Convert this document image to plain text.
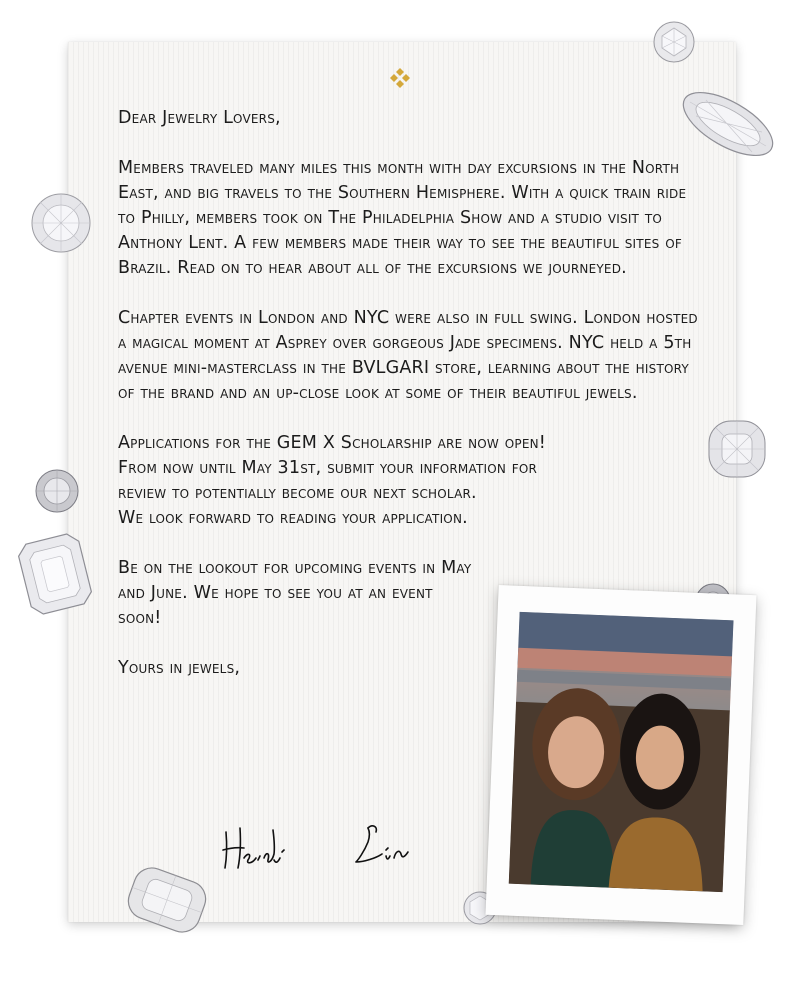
Dear Jewelry Lovers,

Members traveled many miles this month with day excursions in the North East, and big travels to the Southern Hemisphere. With a quick train ride to Philly, members took on The Philadelphia Show and a studio visit to Anthony Lent. A few members made their way to see the beautiful sites of Brazil. Read on to hear about all of the excursions we journeyed.

Chapter events in London and NYC were also in full swing. London hosted a magical moment at Asprey over gorgeous Jade specimens. NYC held a 5th avenue mini-masterclass in the BVLGARI store, learning about the history of the brand and an up-close look at some of their beautiful jewels.

Applications for the GEM X Scholarship are now open!
From now until May 31st, submit your information for
review to potentially become our next scholar. We look forward to reading your application.

Be on the lookout for upcoming events in May and June. We hope to see you at an event soon!

Yours in jewels,
